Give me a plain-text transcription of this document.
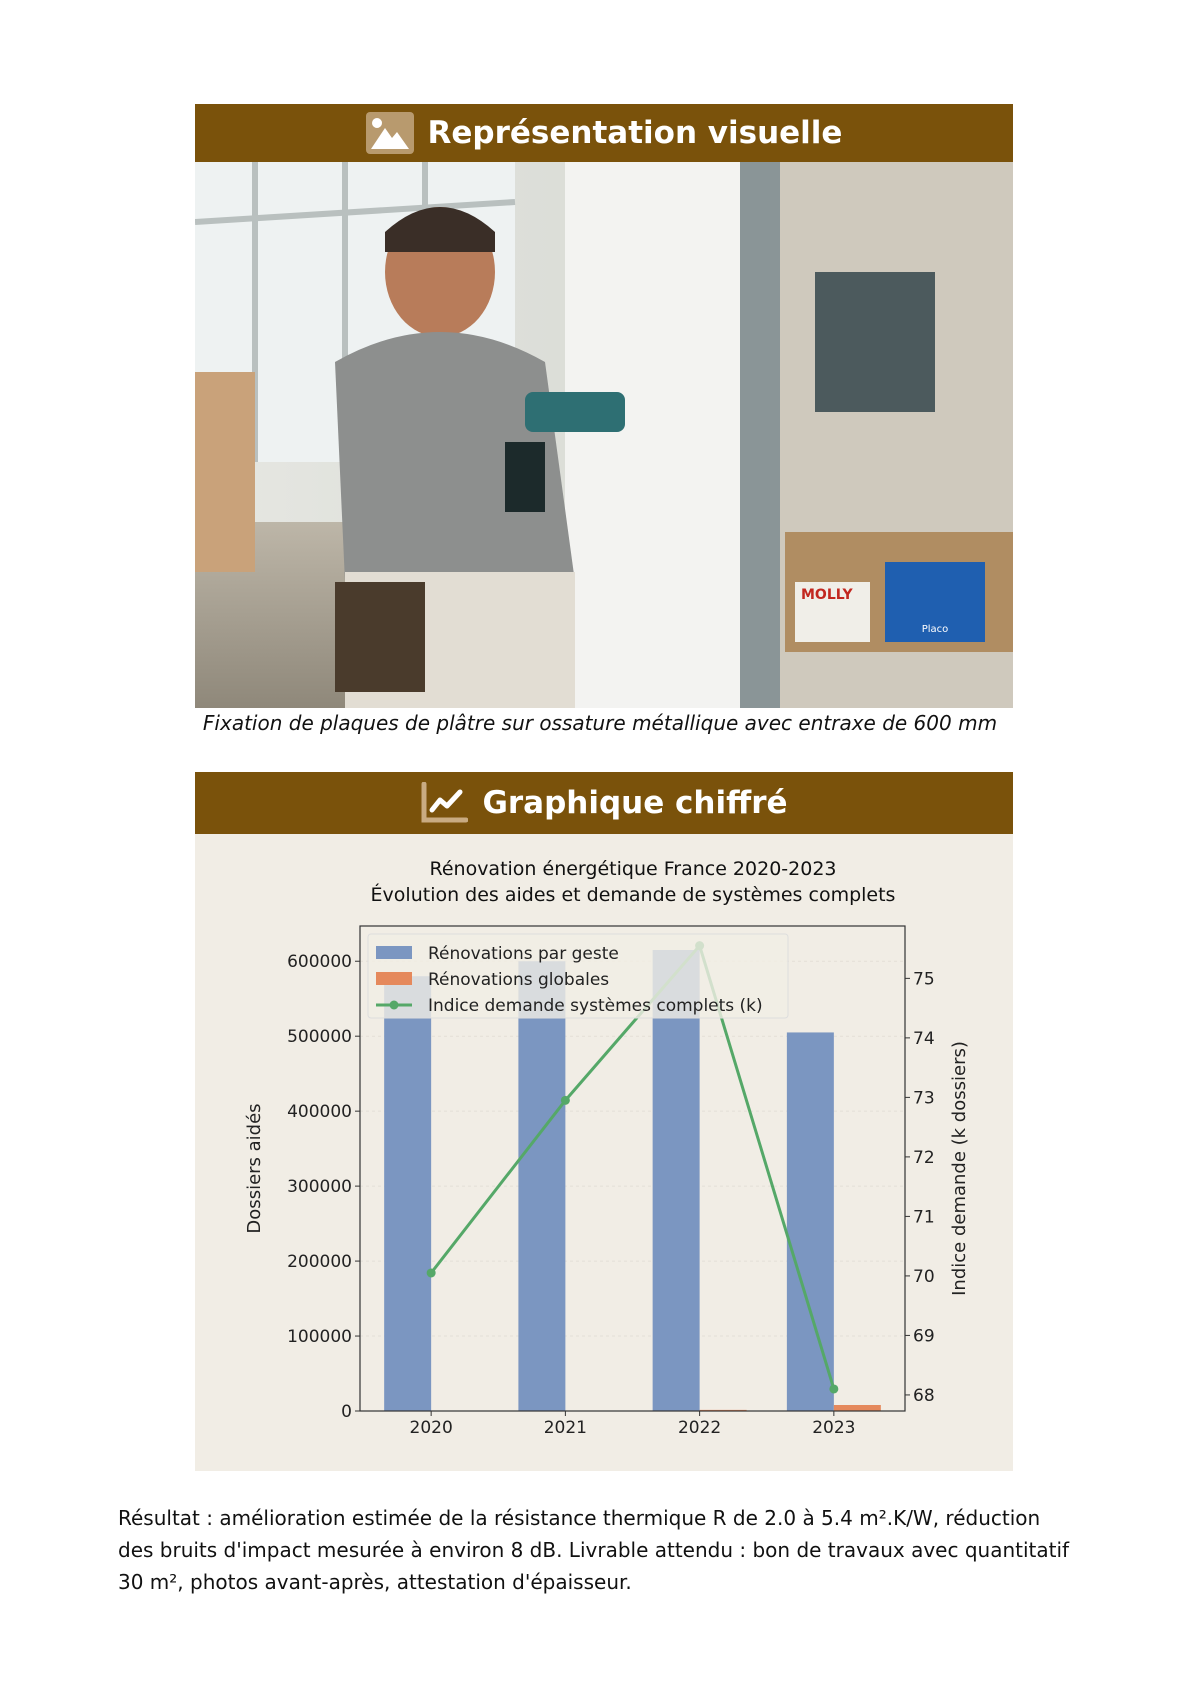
Représentation visuelle
MOLLY
Placo
Fixation de plaques de plâtre sur ossature métallique avec entraxe de 600 mm
Graphique chiffré
Rénovation énergétique France 2020-2023
Évolution des aides et demande de systèmes complets
0
100000
200000
300000
400000
500000
600000
68
69
70
71
72
73
74
75
2020	2021	2022	2023
Dossiers aidés	Indice demande (k dossiers)
Rénovations par geste
Rénovations globales
Indice demande systèmes complets (k)
Résultat : amélioration estimée de la résistance thermique R de 2.0 à 5.4 m².K/W, réduction des bruits d'impact mesurée à environ 8 dB. Livrable attendu : bon de travaux avec quantitatif 30 m², photos avant-après, attestation d'épaisseur.
